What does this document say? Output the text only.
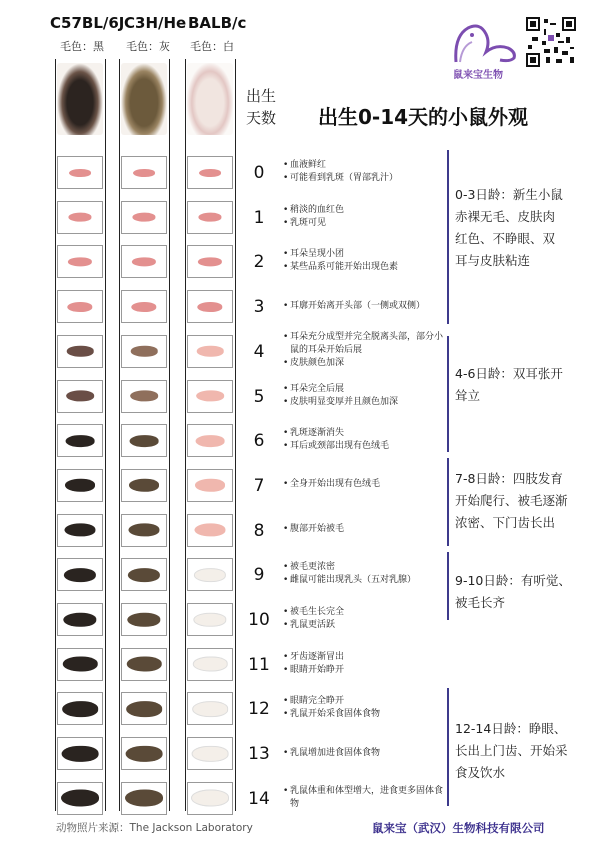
C57BL/6J C3H/He BALB/c
毛色：黑 毛色：灰 毛色：白
鼠来宝生物
出生
天数 出生0-14天的小鼠外观
0	• 血液鲜红
• 可能看到乳斑（胃部乳汁）
1	• 稍淡的血红色
• 乳斑可见
2	• 耳朵呈现小团
• 某些品系可能开始出现色素
3	• 耳廓开始离开头部（一侧或双侧）
4
• 耳朵充分成型并完全脱离头部，部分小鼠的耳朵开始后展
• 皮肤颜色加深
5	• 耳朵完全后展
• 皮肤明显变厚并且颜色加深
6	• 乳斑逐渐消失
• 耳后或颈部出现有色绒毛
7	• 全身开始出现有色绒毛
8	• 腹部开始被毛
9	• 被毛更浓密
• 雌鼠可能出现乳头（五对乳腺）
10	• 被毛生长完全
• 乳鼠更活跃
11	• 牙齿逐渐冒出
• 眼睛开始睁开
12	• 眼睛完全睁开
• 乳鼠开始采食固体食物
13	• 乳鼠增加进食固体食物
14	• 乳鼠体重和体型增大，进食更多固体食物
0-3日龄：新生小鼠
赤裸无毛、皮肤肉
红色、不睁眼、双
耳与皮肤粘连
4-6日龄：双耳张开
耸立
7-8日龄：四肢发育
开始爬行、被毛逐渐
浓密、下门齿长出
9-10日龄：有听觉、
被毛长齐
12-14日龄：睁眼、
长出上门齿、开始采
食及饮水
动物照片来源：The Jackson Laboratory	鼠来宝（武汉）生物科技有限公司
